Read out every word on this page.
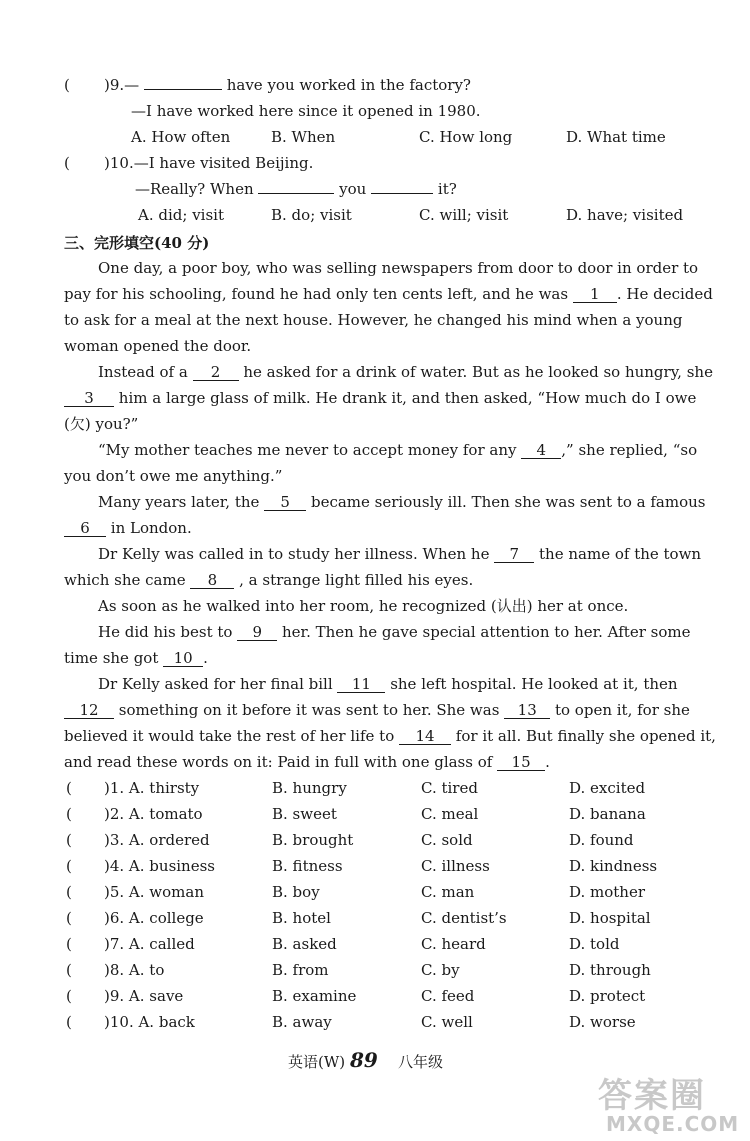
( )9.—	have you worked in the factory?
—I have worked here since it opened in 1980.
A. How often	B. When	C. How long	D. What time
( )10.—I have visited Beijing.
—Really? When	you	it?
A. did; visit	B. do; visit	C. will; visit	D. have; visited
三、完形填空(40 分)
One day, a poor boy, who was selling newspapers from door to door in order to
pay for his schooling, found he had only ten cents left, and he was 1 . He decided
to ask for a meal at the next house. However, he changed his mind when a young
woman opened the door.
Instead of a 2 he asked for a drink of water. But as he looked so hungry, she
3 him a large glass of milk. He drank it, and then asked, “How much do I owe
(欠) you?”
“My mother teaches me never to accept money for any 4 ,” she replied, “so
you don’t owe me anything.”
Many years later, the 5 became seriously ill. Then she was sent to a famous
6 in London.
Dr Kelly was called in to study her illness. When he 7 the name of the town
which she came 8 , a strange light filled his eyes.
As soon as he walked into her room, he recognized (认出) her at once.
He did his best to 9 her. Then he gave special attention to her. After some
time she got 10 .
Dr Kelly asked for her final bill 11 she left hospital. He looked at it, then
12 something on it before it was sent to her. She was 13 to open it, for she
believed it would take the rest of her life to 14 for it all. But finally she opened it,
and read these words on it: Paid in full with one glass of 15 .
( )1. A. thirsty	B. hungry	C. tired	D. excited
( )2. A. tomato	B. sweet	C. meal	D. banana
( )3. A. ordered	B. brought	C. sold	D. found
( )4. A. business	B. fitness	C. illness	D. kindness
( )5. A. woman	B. boy	C. man	D. mother
( )6. A. college	B. hotel	C. dentist’s	D. hospital
( )7. A. called	B. asked	C. heard	D. told
( )8. A. to	B. from	C. by	D. through
( )9. A. save	B. examine	C. feed	D. protect
( )10. A. back	B. away	C. well	D. worse
英语(W) 89 八年级
答案圈
MXQE.COM
